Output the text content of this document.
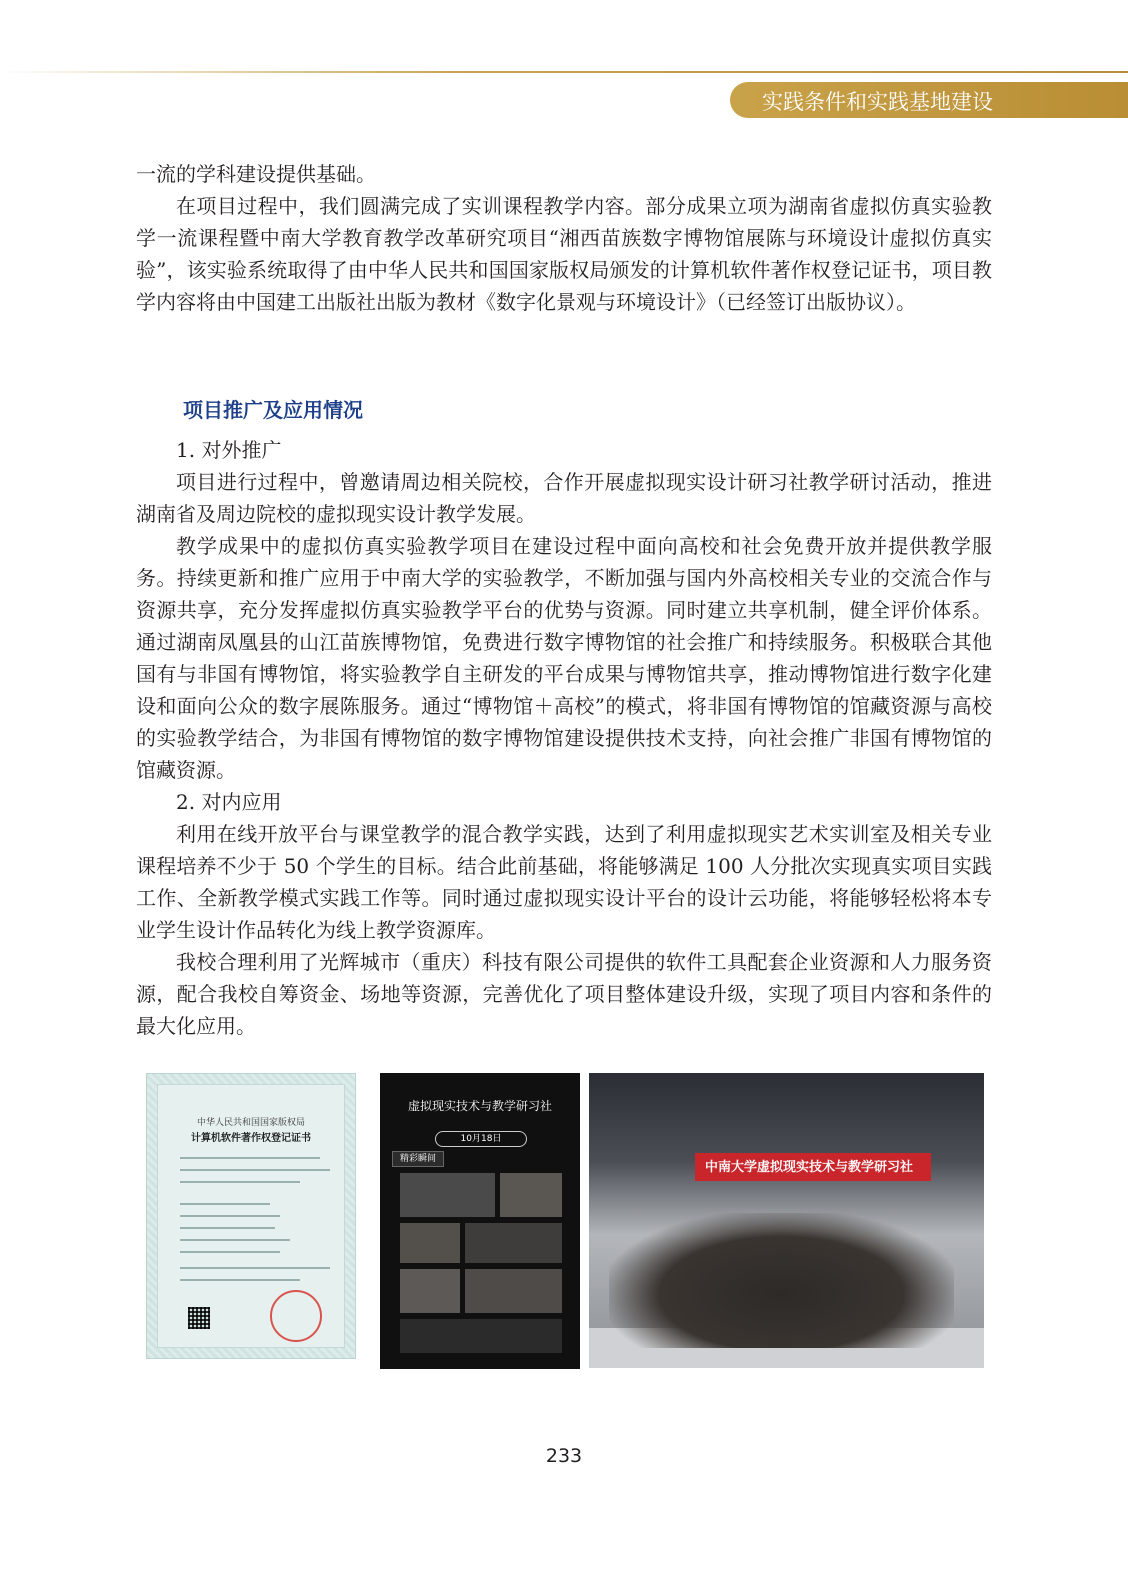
实践条件和实践基地建设

一流的学科建设提供基础。

在项目过程中，我们圆满完成了实训课程教学内容。部分成果立项为湖南省虚拟仿真实验教学一流课程暨中南大学教育教学改革研究项目“湘西苗族数字博物馆展陈与环境设计虚拟仿真实验”，该实验系统取得了由中华人民共和国国家版权局颁发的计算机软件著作权登记证书，项目教学内容将由中国建工出版社出版为教材《数字化景观与环境设计》（已经签订出版协议）。

项目推广及应用情况

1. 对外推广

项目进行过程中，曾邀请周边相关院校，合作开展虚拟现实设计研习社教学研讨活动，推进湖南省及周边院校的虚拟现实设计教学发展。

教学成果中的虚拟仿真实验教学项目在建设过程中面向高校和社会免费开放并提供教学服务。持续更新和推广应用于中南大学的实验教学，不断加强与国内外高校相关专业的交流合作与资源共享，充分发挥虚拟仿真实验教学平台的优势与资源。同时建立共享机制，健全评价体系。通过湖南凤凰县的山江苗族博物馆，免费进行数字博物馆的社会推广和持续服务。积极联合其他国有与非国有博物馆，将实验教学自主研发的平台成果与博物馆共享，推动博物馆进行数字化建设和面向公众的数字展陈服务。通过“博物馆＋高校”的模式，将非国有博物馆的馆藏资源与高校的实验教学结合，为非国有博物馆的数字博物馆建设提供技术支持，向社会推广非国有博物馆的馆藏资源。

2. 对内应用

利用在线开放平台与课堂教学的混合教学实践，达到了利用虚拟现实艺术实训室及相关专业课程培养不少于 50 个学生的目标。结合此前基础，将能够满足 100 人分批次实现真实项目实践工作、全新教学模式实践工作等。同时通过虚拟现实设计平台的设计云功能，将能够轻松将本专业学生设计作品转化为线上教学资源库。

我校合理利用了光辉城市（重庆）科技有限公司提供的软件工具配套企业资源和人力服务资源，配合我校自筹资金、场地等资源，完善优化了项目整体建设升级，实现了项目内容和条件的最大化应用。

中华人民共和国国家版权局
计算机软件著作权登记证书
虚拟现实技术与教学研习社
10月18日
精彩瞬间
中南大学虚拟现实技术与教学研习社
233
